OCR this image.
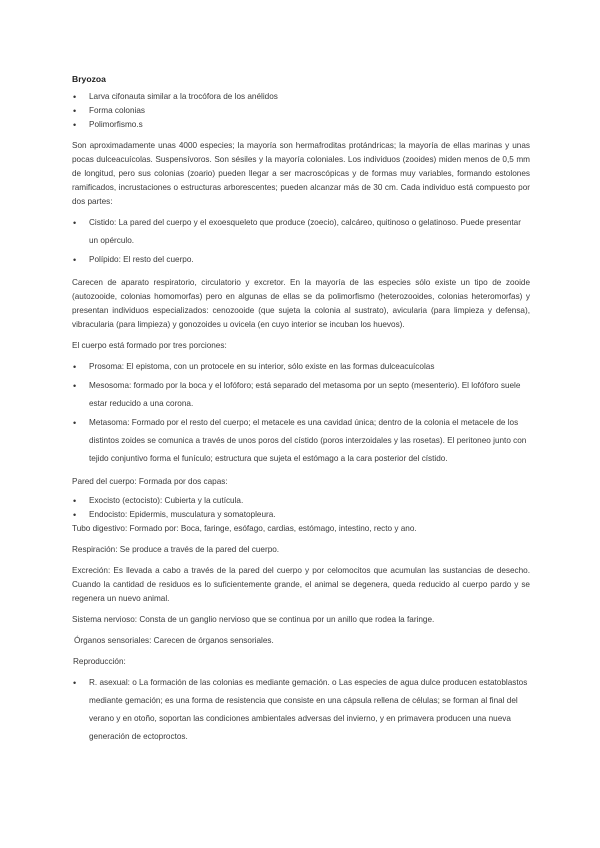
Bryozoa
• Larva cifonauta similar a la trocófora de los anélidos
• Forma colonias
• Polimorfismo.s

Son aproximadamente unas 4000 especies; la mayoría son hermafroditas protándricas; la mayoría de ellas marinas y unas pocas dulceacuícolas. Suspensívoros. Son sésiles y la mayoría coloniales. Los individuos (zooides) miden menos de 0,5 mm de longitud, pero sus colonias (zoario) pueden llegar a ser macroscópicas y de formas muy variables, formando estolones ramificados, incrustaciones o estructuras arborescentes; pueden alcanzar más de 30 cm. Cada individuo está compuesto por dos partes:

• Cistido: La pared del cuerpo y el exoesqueleto que produce (zoecio), calcáreo, quitinoso o gelatinoso. Puede presentar un opérculo.
• Polípido: El resto del cuerpo.

Carecen de aparato respiratorio, circulatorio y excretor. En la mayoría de las especies sólo existe un tipo de zooide (autozooide, colonias homomorfas) pero en algunas de ellas se da polimorfismo (heterozooides, colonias heteromorfas) y presentan individuos especializados: cenozooide (que sujeta la colonia al sustrato), avicularia (para limpieza y defensa), vibracularia (para limpieza) y gonozoides u ovicela (en cuyo interior se incuban los huevos).

El cuerpo está formado por tres porciones:

• Prosoma: El epistoma, con un protocele en su interior, sólo existe en las formas dulceacuícolas
• Mesosoma: formado por la boca y el lofóforo; está separado del metasoma por un septo (mesenterio). El lofóforo suele estar reducido a una corona.
• Metasoma: Formado por el resto del cuerpo; el metacele es una cavidad única; dentro de la colonia el metacele de los distintos zoides se comunica a través de unos poros del cístido (poros interzoidales y las rosetas). El peritoneo junto con tejido conjuntivo forma el funículo; estructura que sujeta el estómago a la cara posterior del cístido.

Pared del cuerpo: Formada por dos capas:

• Exocisto (ectocisto): Cubierta y la cutícula.
• Endocisto: Epidermis, musculatura y somatopleura.

Tubo digestivo: Formado por: Boca, faringe, esófago, cardias, estómago, intestino, recto y ano.

Respiración: Se produce a través de la pared del cuerpo.

Excreción: Es llevada a cabo a través de la pared del cuerpo y por celomocitos que acumulan las sustancias de desecho. Cuando la cantidad de residuos es lo suficientemente grande, el animal se degenera, queda reducido al cuerpo pardo y se regenera un nuevo animal.

Sistema nervioso: Consta de un ganglio nervioso que se continua por un anillo que rodea la faringe.

Órganos sensoriales: Carecen de órganos sensoriales.

Reproducción:

• R. asexual: o La formación de las colonias es mediante gemación. o Las especies de agua dulce producen estatoblastos mediante gemación; es una forma de resistencia que consiste en una cápsula rellena de células; se forman al final del verano y en otoño, soportan las condiciones ambientales adversas del invierno, y en primavera producen una nueva generación de ectoproctos.
